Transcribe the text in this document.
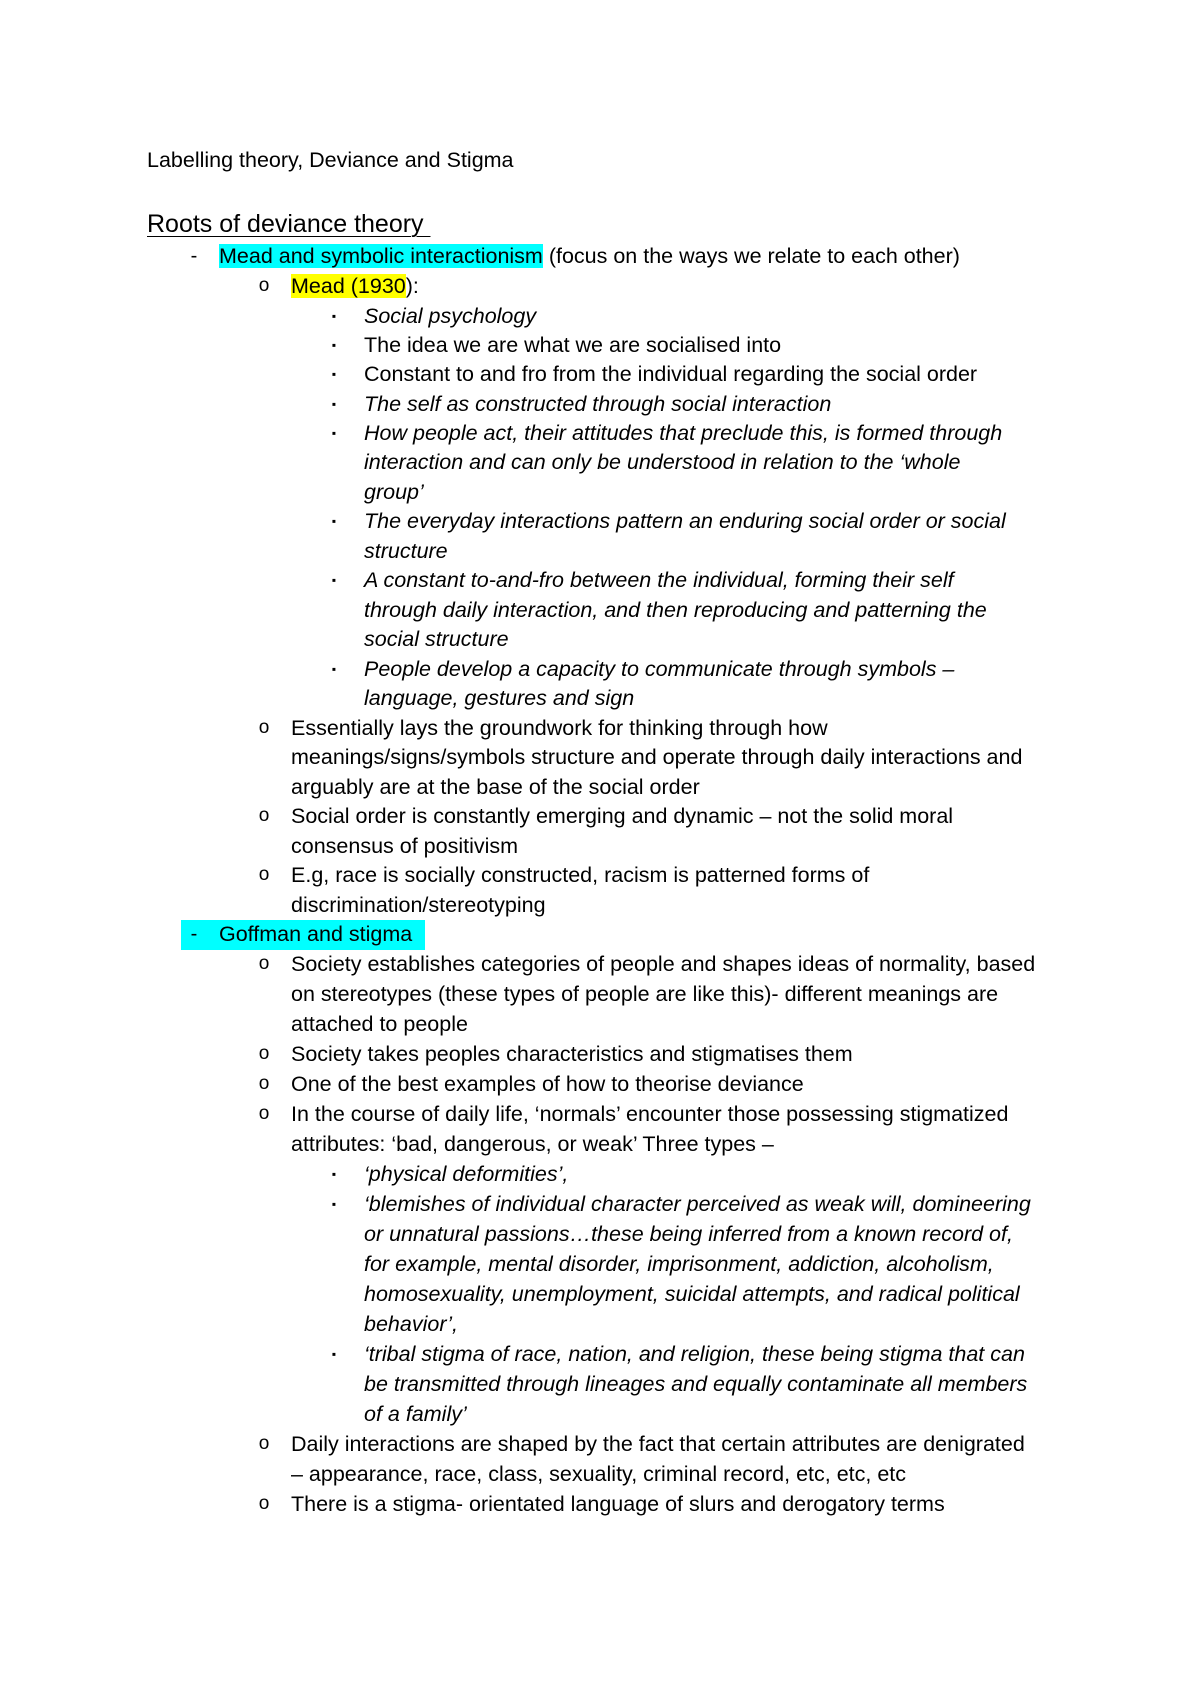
Labelling theory, Deviance and Stigma
Roots of deviance theory
-	Mead and symbolic interactionism (focus on the ways we relate to each other)
o Mead (1930):
▪ Social psychology
▪ The idea we are what we are socialised into
▪ Constant to and fro from the individual regarding the social order
▪ The self as constructed through social interaction
▪ How people act, their attitudes that preclude this, is formed through
interaction and can only be understood in relation to the ‘whole
group’
▪ The everyday interactions pattern an enduring social order or social
structure
▪ A constant to-and-fro between the individual, forming their self
through daily interaction, and then reproducing and patterning the
social structure
▪ People develop a capacity to communicate through symbols –
language, gestures and sign
o Essentially lays the groundwork for thinking through how
meanings/signs/symbols structure and operate through daily interactions and
arguably are at the base of the social order
o Social order is constantly emerging and dynamic – not the solid moral
consensus of positivism
o E.g, race is socially constructed, racism is patterned forms of
discrimination/stereotyping
-	Goffman and stigma
o Society establishes categories of people and shapes ideas of normality, based
on stereotypes (these types of people are like this)- different meanings are
attached to people
o Society takes peoples characteristics and stigmatises them
o One of the best examples of how to theorise deviance
o In the course of daily life, ‘normals’ encounter those possessing stigmatized
attributes: ‘bad, dangerous, or weak’ Three types –
▪ ‘physical deformities’,
▪ ‘blemishes of individual character perceived as weak will, domineering
or unnatural passions…these being inferred from a known record of,
for example, mental disorder, imprisonment, addiction, alcoholism,
homosexuality, unemployment, suicidal attempts, and radical political
behavior’,
▪ ‘tribal stigma of race, nation, and religion, these being stigma that can
be transmitted through lineages and equally contaminate all members
of a family’
o Daily interactions are shaped by the fact that certain attributes are denigrated
– appearance, race, class, sexuality, criminal record, etc, etc, etc
o There is a stigma- orientated language of slurs and derogatory terms
